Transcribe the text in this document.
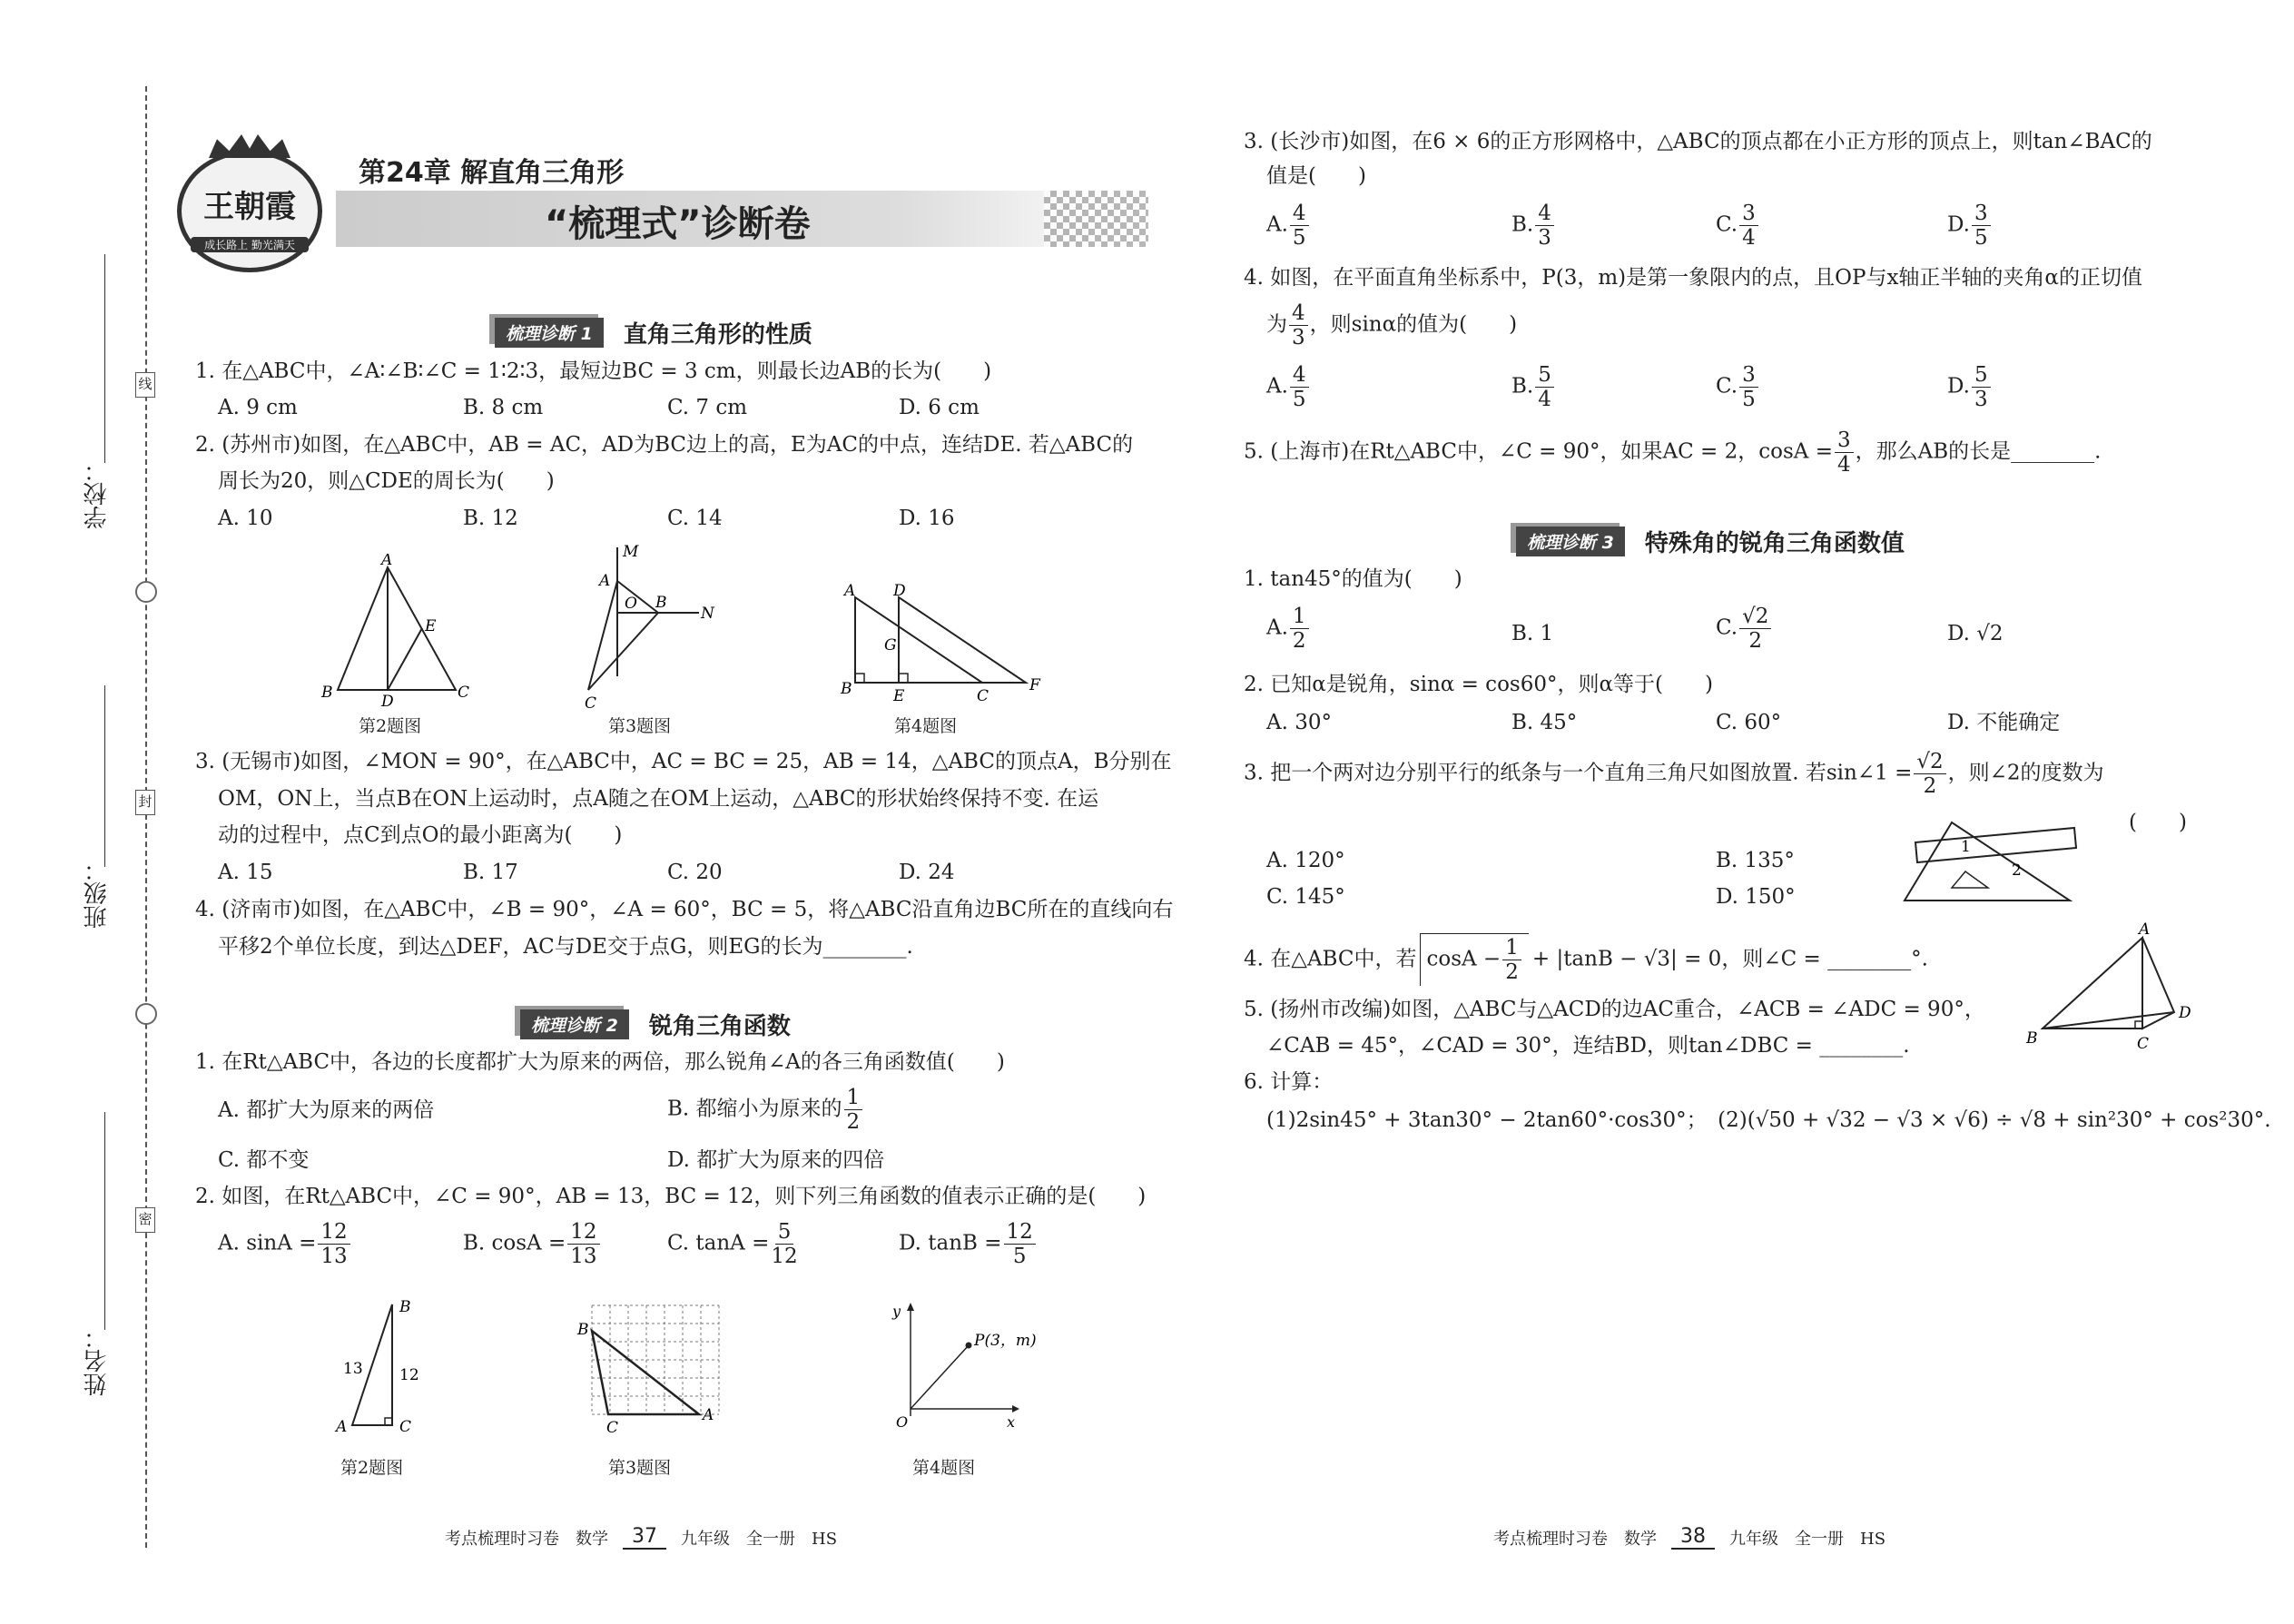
学校：
班级：
姓名：
线
封
密
王朝霞
成长路上 勤光满天
第24章 解直角三角形
“梳理式”诊断卷
梳理诊断 1	直角三角形的性质
1. 在△ABC中，∠A∶∠B∶∠C = 1∶2∶3，最短边BC = 3 cm，则最长边AB的长为(　　)
A. 9 cm	B. 8 cm	C. 7 cm	D. 6 cm
2. (苏州市)如图，在△ABC中，AB = AC，AD为BC边上的高，E为AC的中点，连结DE. 若△ABC的
周长为20，则△CDE的周长为(　　)
A. 10	B. 12	C. 14	D. 16
A
B	D	C
E
第2题图
M
A
O B
N
C
第3题图
A D
G
B	E	C
F
第4题图
3. (无锡市)如图，∠MON = 90°，在△ABC中，AC = BC = 25，AB = 14，△ABC的顶点A，B分别在
OM，ON上，当点B在ON上运动时，点A随之在OM上运动，△ABC的形状始终保持不变. 在运
动的过程中，点C到点O的最小距离为(　　)
A. 15	B. 17	C. 20	D. 24
4. (济南市)如图，在△ABC中，∠B = 90°，∠A = 60°，BC = 5，将△ABC沿直角边BC所在的直线向右
平移2个单位长度，到达△DEF，AC与DE交于点G，则EG的长为________.
梳理诊断 2	锐角三角函数
1. 在Rt△ABC中，各边的长度都扩大为原来的两倍，那么锐角∠A的各三角函数值(　　)
A. 都扩大为原来的两倍	B. 都缩小为原来的 $\frac{1}{2}$
C. 都不变	D. 都扩大为原来的四倍
2. 如图，在Rt△ABC中，∠C = 90°，AB = 13，BC = 12，则下列三角函数的值表示正确的是(　　)
A. $\sin A = \frac{12}{13}$	B. $\cos A = \frac{12}{13}$	C. $\tan A = \frac{5}{12}$	D. $\tan B = \frac{12}{5}$
B
A	C
13 12
第2题图
B
C
A
第3题图
y
O	x
P(3，m)
第4题图
3. (长沙市)如图，在6 × 6的正方形网格中，△ABC的顶点都在小正方形的顶点上，则tan∠BAC的
值是(　　)
A. $\frac{4}{5}$	B. $\frac{4}{3}$	C. $\frac{3}{4}$	D. $\frac{3}{5}$
4. 如图，在平面直角坐标系中，P(3，m)是第一象限内的点，且OP与x轴正半轴的夹角α的正切值
为 $\frac{4}{3}$ ，则sinα的值为(　　)
A. $\frac{4}{5}$	B. $\frac{5}{4}$	C. $\frac{3}{5}$	D. $\frac{5}{3}$
5. (上海市)在Rt△ABC中，∠C = 90°，如果AC = 2，$\cos A = \frac{3}{4}$ ，那么AB的长是________.
梳理诊断 3	特殊角的锐角三角函数值
1. tan45°的值为(　　)
A. $\frac{1}{2}$	B. 1	C. $\frac{√2}{2}$	D. √2
2. 已知α是锐角，sinα = cos60°，则α等于(　　)
A. 30°	B. 45°	C. 60°	D. 不能确定
3. 把一个两对边分别平行的纸条与一个直角三角尺如图放置. 若sin∠1 = $\frac{√2}{2}$ ，则∠2的度数为
(　　)
A. 120°	B. 135°
C. 145°	D. 150°
1
2
4. 在△ABC中，若 $\cos A - \frac{1}{2} + |\tan B - √3| = 0$，则∠C = ________°.
5. (扬州市改编)如图，△ABC与△ACD的边AC重合，∠ACB = ∠ADC = 90°，
∠CAB = 45°，∠CAD = 30°，连结BD，则tan∠DBC = ________.
A
B	C
D
6. 计算：
(1)2sin45° + 3tan30° − 2tan60°·cos30°；　(2)(√50 + √32 − √3 × √6) ÷ √8 + sin²30° + cos²30°.
考点梳理时习卷　数学	37	九年级　全一册　HS	考点梳理时习卷　数学	38	九年级　全一册　HS
